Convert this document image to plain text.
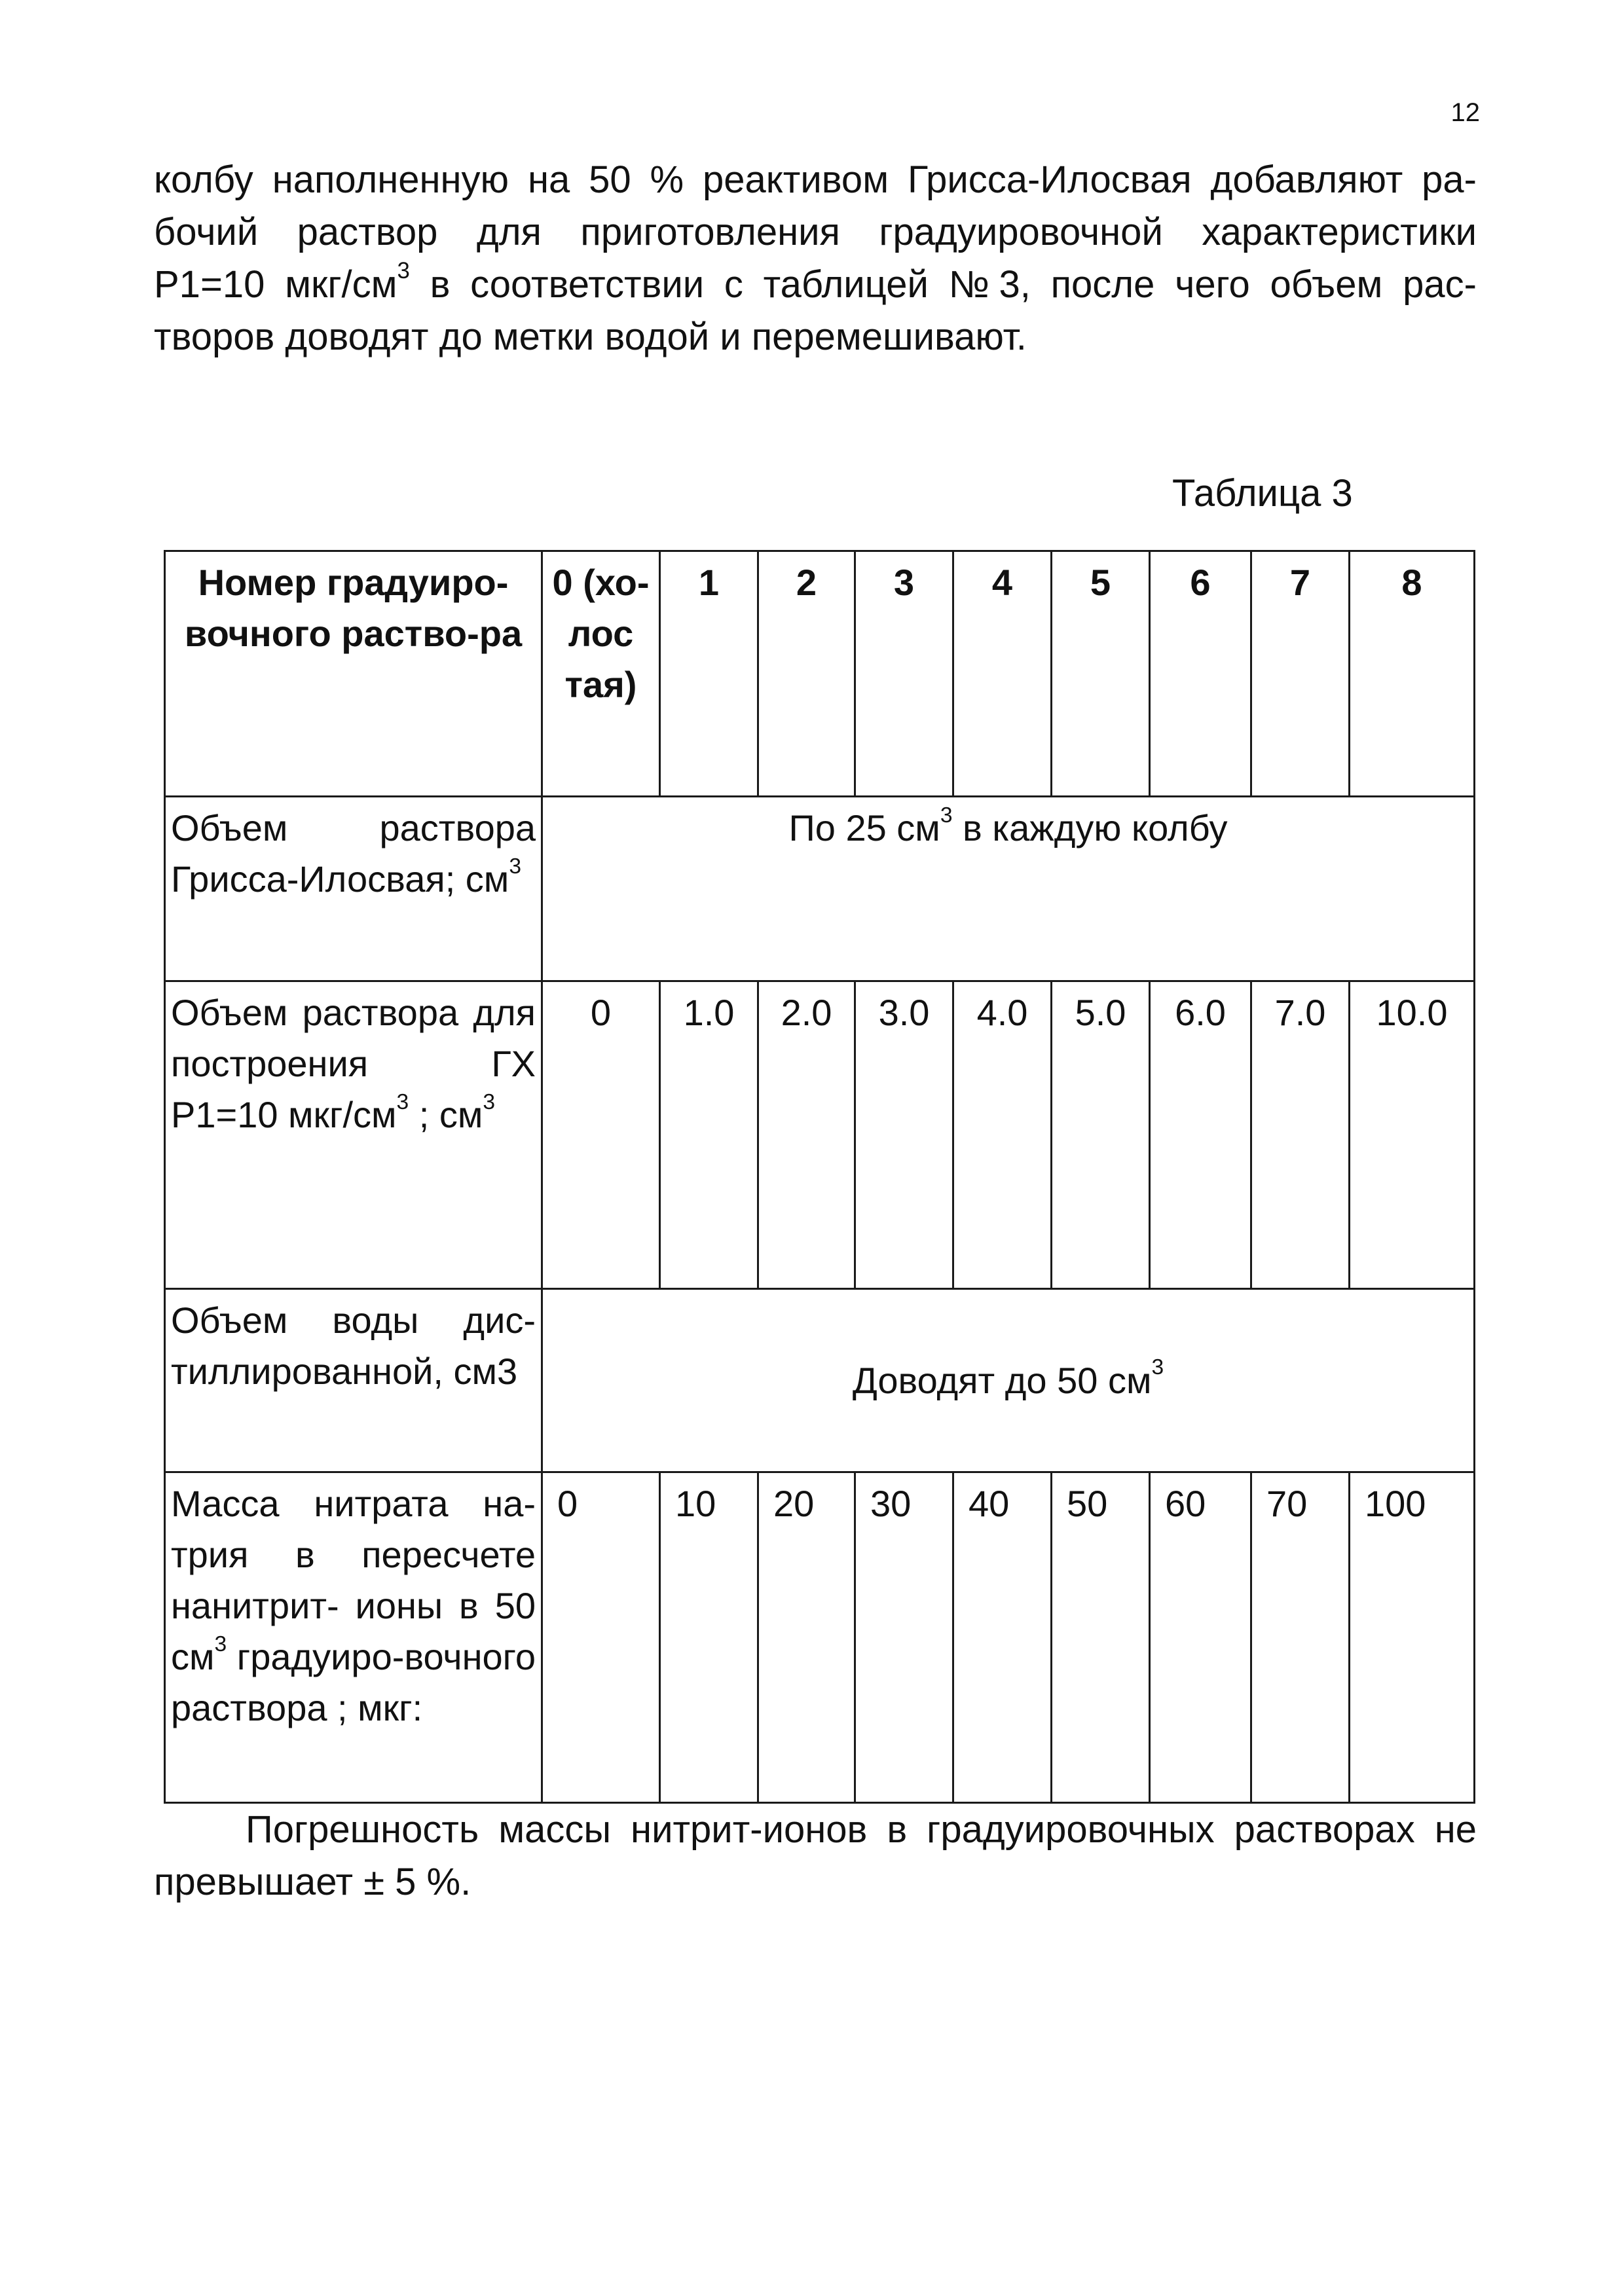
12
колбу наполненную на 50 % реактивом Грисса-Илосвая добавляют ра-
бочий раствор для приготовления градуировочной характеристики
Р1=10 мкг/$см^3$ в соответствии с таблицей №3, после чего объем рас-
творов доводят до метки водой и перемешивают.
Таблица 3
Номер градуиро-вочного раство-ра	0 (хо-лос тая)	1	2	3	4	5	6	7	8
Объем раствора Грисса-Илосвая; $см^3$	По 25 $см^3$ в каждую колбу								
Объем раствора для построения ГХ Р1=10 мкг/$см^3$ ; $см^3$	0	1.0	2.0	3.0	4.0	5.0	6.0	7.0	10.0
Объем воды дис-тиллированной, см3	Доводят до 50 $см^3$
Масса нитрата на-трия в пересчете нанитрит- ионы в 50 $см^3$ градуиро-вочного раствора ; мкг:	0	10	20	30	40	50	60	70	100
Погрешность массы нитрит-ионов в градуировочных растворах не
превышает ± 5 %.
